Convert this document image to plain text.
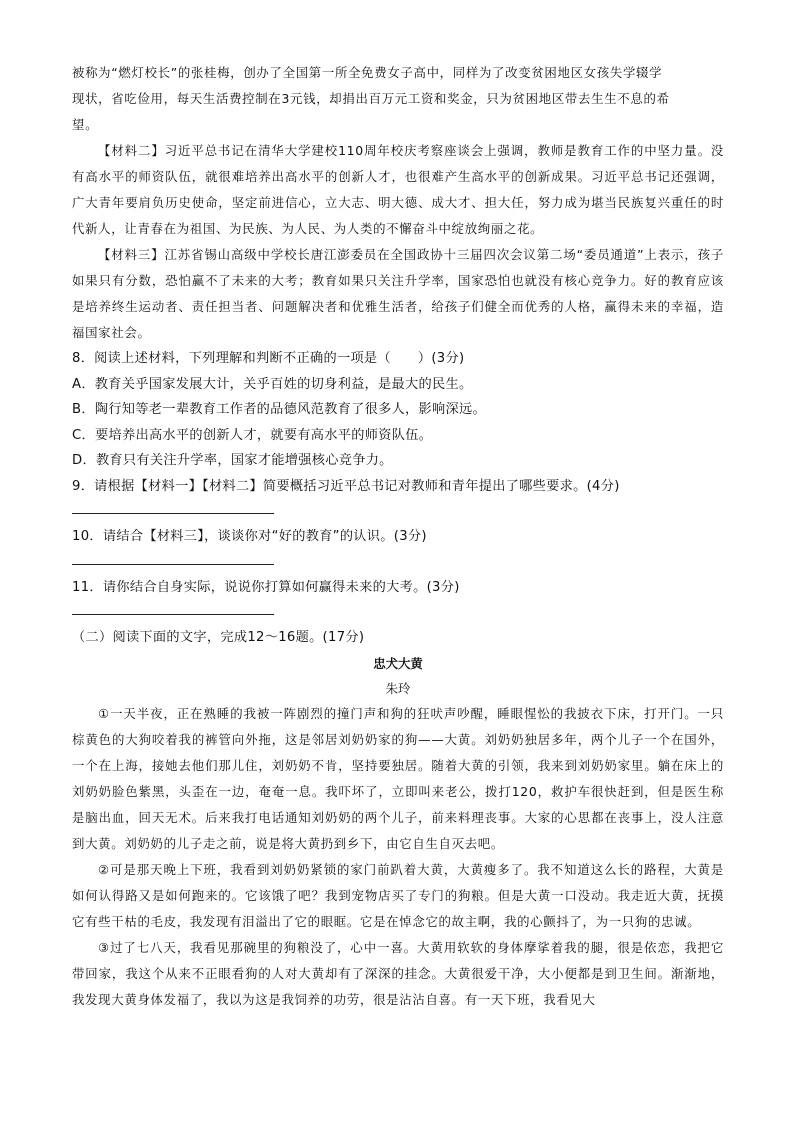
被称为“燃灯校长”的张桂梅，创办了全国第一所全免费女子高中，同样为了改变贫困地区女孩失学辍学

现状，省吃俭用，每天生活费控制在3元钱，却捐出百万元工资和奖金，只为贫困地区带去生生不息的希

望。

【材料二】习近平总书记在清华大学建校110周年校庆考察座谈会上强调，教师是教育工作的中坚力量。没有高水平的师资队伍，就很难培养出高水平的创新人才，也很难产生高水平的创新成果。习近平总书记还强调，广大青年要肩负历史使命，坚定前进信心，立大志、明大德、成大才、担大任，努力成为堪当民族复兴重任的时代新人，让青春在为祖国、为民族、为人民、为人类的不懈奋斗中绽放绚丽之花。

【材料三】江苏省锡山高级中学校长唐江澎委员在全国政协十三届四次会议第二场“委员通道”上表示，孩子如果只有分数，恐怕赢不了未来的大考；教育如果只关注升学率，国家恐怕也就没有核心竞争力。好的教育应该是培养终生运动者、责任担当者、问题解决者和优雅生活者，给孩子们健全而优秀的人格，赢得未来的幸福，造福国家社会。

8．阅读上述材料，下列理解和判断不正确的一项是（　　）(3分)

A．教育关乎国家发展大计，关乎百姓的切身利益，是最大的民生。

B．陶行知等老一辈教育工作者的品德风范教育了很多人，影响深远。

C．要培养出高水平的创新人才，就要有高水平的师资队伍。

D．教育只有关注升学率，国家才能增强核心竞争力。

9．请根据【材料一】【材料二】简要概括习近平总书记对教师和青年提出了哪些要求。(4分)

10．请结合【材料三】，谈谈你对“好的教育”的认识。(3分)

11．请你结合自身实际，说说你打算如何赢得未来的大考。(3分)

（二）阅读下面的文字，完成12～16题。(17分)

忠犬大黄

朱玲

①一天半夜，正在熟睡的我被一阵剧烈的撞门声和狗的狂吠声吵醒，睡眼惺忪的我披衣下床，打开门。一只棕黄色的大狗咬着我的裤管向外拖，这是邻居刘奶奶家的狗——大黄。刘奶奶独居多年，两个儿子一个在国外，一个在上海，接她去他们那儿住，刘奶奶不肯，坚持要独居。随着大黄的引领，我来到刘奶奶家里。躺在床上的刘奶奶脸色紫黑，头歪在一边，奄奄一息。我吓坏了，立即叫来老公，拨打120，救护车很快赶到，但是医生称是脑出血，回天无术。后来我打电话通知刘奶奶的两个儿子，前来料理丧事。大家的心思都在丧事上，没人注意到大黄。刘奶奶的儿子走之前，说是将大黄扔到乡下，由它自生自灭去吧。

②可是那天晚上下班，我看到刘奶奶紧锁的家门前趴着大黄，大黄瘦多了。我不知道这么长的路程，大黄是如何认得路又是如何跑来的。它该饿了吧？我到宠物店买了专门的狗粮。但是大黄一口没动。我走近大黄，抚摸它有些干枯的毛皮，我发现有泪溢出了它的眼眶。它是在悼念它的故主啊，我的心颤抖了，为一只狗的忠诚。

③过了七八天，我看见那碗里的狗粮没了，心中一喜。大黄用软软的身体摩挲着我的腿，很是依恋，我把它带回家，我这个从来不正眼看狗的人对大黄却有了深深的挂念。大黄很爱干净，大小便都是到卫生间。渐渐地，我发现大黄身体发福了，我以为这是我饲养的功劳，很是沾沾自喜。有一天下班，我看见大
